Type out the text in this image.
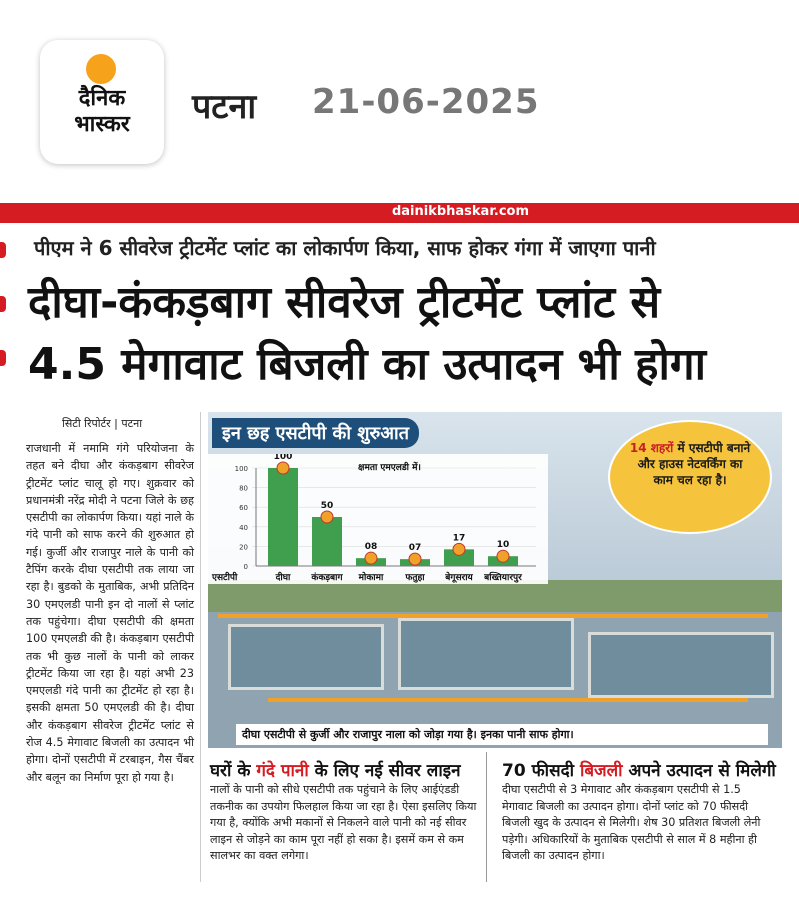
दैनिक
भास्कर	पटना 21-06-2025
dainikbhaskar.com
पीएम ने 6 सीवरेज ट्रीटमेंट प्लांट का लोकार्पण किया, साफ होकर गंगा में जाएगा पानी
दीघा-कंकड़बाग सीवरेज ट्रीटमेंट प्लांट से
4.5 मेगावाट बिजली का उत्पादन भी होगा
सिटी रिपोर्टर | पटना

राजधानी में नमामि गंगे परियोजना के तहत बने दीघा और कंकड़बाग सीवरेज ट्रीटमेंट प्लांट चालू हो गए। शुक्रवार को प्रधानमंत्री नरेंद्र मोदी ने पटना जिले के छह एसटीपी का लोकार्पण किया। यहां नाले के गंदे पानी को साफ करने की शुरुआत हो गई। कुर्जी और राजापुर नाले के पानी को टैपिंग करके दीघा एसटीपी तक लाया जा रहा है। बुडको के मुताबिक, अभी प्रतिदिन 30 एमएलडी पानी इन दो नालों से प्लांट तक पहुंचेगा। दीघा एसटीपी की क्षमता 100 एमएलडी की है। कंकड़बाग एसटीपी तक भी कुछ नालों के पानी को लाकर ट्रीटमेंट किया जा रहा है। यहां अभी 23 एमएलडी गंदे पानी का ट्रीटमेंट हो रहा है। इसकी क्षमता 50 एमएलडी की है। दीघा और कंकड़बाग सीवरेज ट्रीटमेंट प्लांट से रोज 4.5 मेगावाट बिजली का उत्पादन भी होगा। दोनों एसटीपी में टरबाइन, गैस चैंबर और बलून का निर्माण पूरा हो गया है।

इन छह एसटीपी की शुरुआत
100
80
60
40
20
0
एसटीपी
क्षमता एमएलडी में।
100
दीघा
50
कंकड़बाग
08
मोकामा
07
फतुहा
17
बेगूसराय
10
बख्तियारपुर
14 शहरों में एसटीपी बनाने और हाउस नेटवर्किंग का काम चल रहा है।
दीघा एसटीपी से कुर्जी और राजापुर नाला को जोड़ा गया है। इनका पानी साफ होगा।
घरों के गंदे पानी के लिए नई सीवर लाइन
नालों के पानी को सीधे एसटीपी तक पहुंचाने के लिए आईएंडडी तकनीक का उपयोग फिलहाल किया जा रहा है। ऐसा इसलिए किया गया है, क्योंकि अभी मकानों से निकलने वाले पानी को नई सीवर लाइन से जोड़ने का काम पूरा नहीं हो सका है। इसमें कम से कम सालभर का वक्त लगेगा।
70 फीसदी बिजली अपने उत्पादन से मिलेगी
दीघा एसटीपी से 3 मेगावाट और कंकड़बाग एसटीपी से 1.5 मेगावाट बिजली का उत्पादन होगा। दोनों प्लांट को 70 फीसदी बिजली खुद के उत्पादन से मिलेगी। शेष 30 प्रतिशत बिजली लेनी पड़ेगी। अधिकारियों के मुताबिक एसटीपी से साल में 8 महीना ही बिजली का उत्पादन होगा।
